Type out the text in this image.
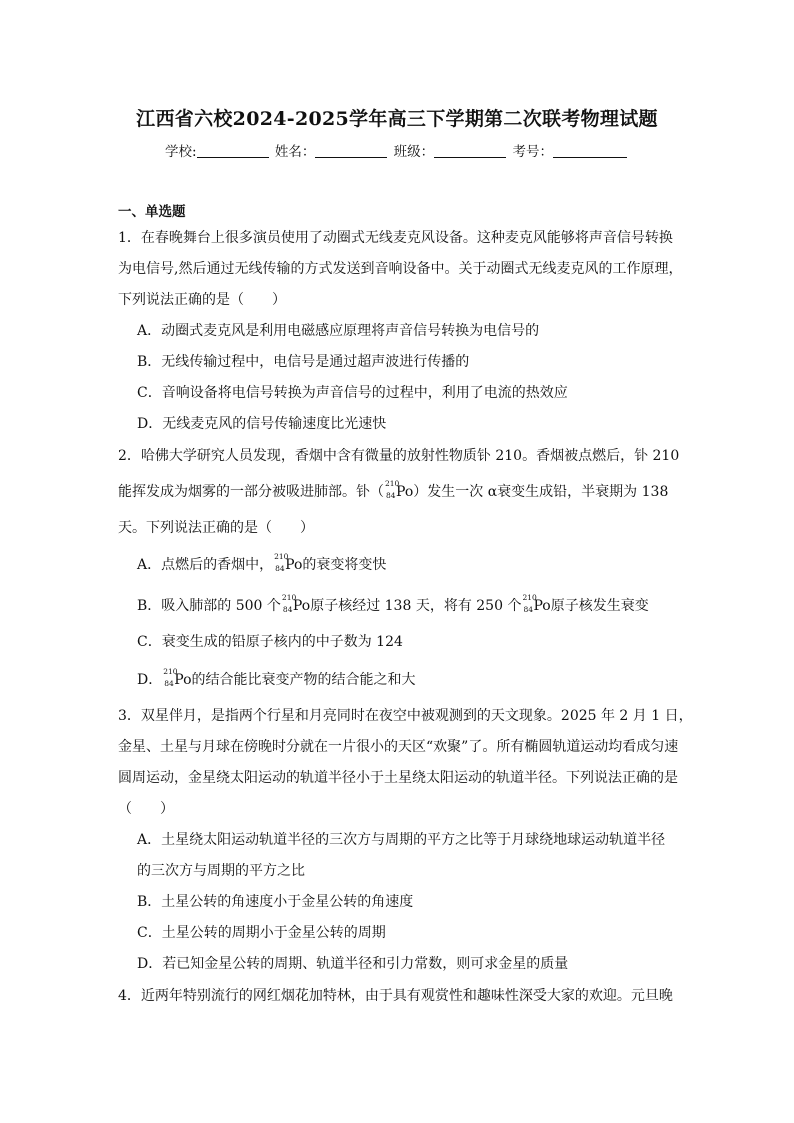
江西省六校2024-2025学年高三下学期第二次联考物理试题
学校:	姓名：	班级：	考号：
一、单选题
1．在春晚舞台上很多演员使用了动圈式无线麦克风设备。这种麦克风能够将声音信号转换
为电信号,然后通过无线传输的方式发送到音响设备中。关于动圈式无线麦克风的工作原理，
下列说法正确的是（　　）
A．动圈式麦克风是利用电磁感应原理将声音信号转换为电信号的
B．无线传输过程中，电信号是通过超声波进行传播的
C．音响设备将电信号转换为声音信号的过程中，利用了电流的热效应
D．无线麦克风的信号传输速度比光速快
2．哈佛大学研究人员发现，香烟中含有微量的放射性物质钋 210。香烟被点燃后，钋 210
能挥发成为烟雾的一部分被吸进肺部。钋（
210
84 Po）发生一次 α衰变生成铅，半衰期为 138
天。下列说法正确的是（　　）
A．点燃后的香烟中，
210
84 Po的衰变将变快
B．吸入肺部的 500 个
210
84 Po原子核经过 138 天，将有 250 个
210
84 Po原子核发生衰变
C．衰变生成的铅原子核内的中子数为 124
D．
210
84 Po的结合能比衰变产物的结合能之和大
3．双星伴月，是指两个行星和月亮同时在夜空中被观测到的天文现象。2025 年 2 月 1 日，
金星、土星与月球在傍晚时分就在一片很小的天区“欢聚”了。所有椭圆轨道运动均看成匀速
圆周运动，金星绕太阳运动的轨道半径小于土星绕太阳运动的轨道半径。下列说法正确的是
（　　）
A．土星绕太阳运动轨道半径的三次方与周期的平方之比等于月球绕地球运动轨道半径
的三次方与周期的平方之比
B．土星公转的角速度小于金星公转的角速度
C．土星公转的周期小于金星公转的周期
D．若已知金星公转的周期、轨道半径和引力常数，则可求金星的质量
4．近两年特别流行的网红烟花加特林，由于具有观赏性和趣味性深受大家的欢迎。元旦晚
